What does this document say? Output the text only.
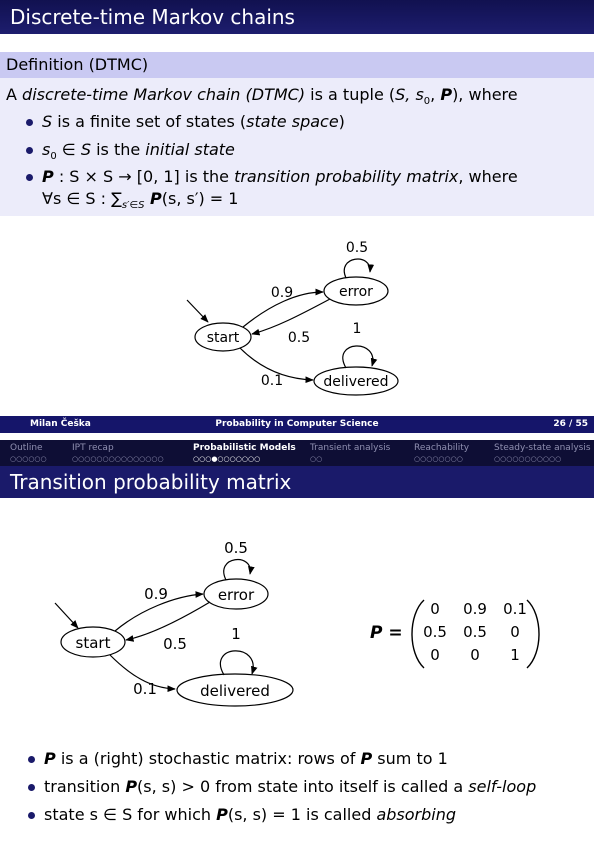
Discrete-time Markov chains
Definition (DTMC)
A discrete-time Markov chain (DTMC) is a tuple (S, $s_0$, P), where
S is a finite set of states (state space)
$s_0$ ∈ S is the initial state
P : S × S → [0, 1] is the transition probability matrix, where
∀s ∈ S : $\sum_{s'\in S}$ P(s, s′) = 1
start
error
delivered
0.5
0.9
0.5
1
0.1
Milan Češka	Probability in Computer Science	26 / 55
Outline
○○○○○○
IPT recap
○○○○○○○○○○○○○○○
Probabilistic Models
○○○●○○○○○○○
Transient analysis
○○
Reachability
○○○○○○○○
Steady-state analysis
○○○○○○○○○○○
Transition probability matrix
start
error
delivered
0.5
0.9
0.5
1
0.1
P =
0 0.9 0.1
0.5 0.5 0
0 0 1
P is a (right) stochastic matrix: rows of P sum to 1
transition P(s, s) > 0 from state into itself is called a self-loop
state s ∈ S for which P(s, s) = 1 is called absorbing
